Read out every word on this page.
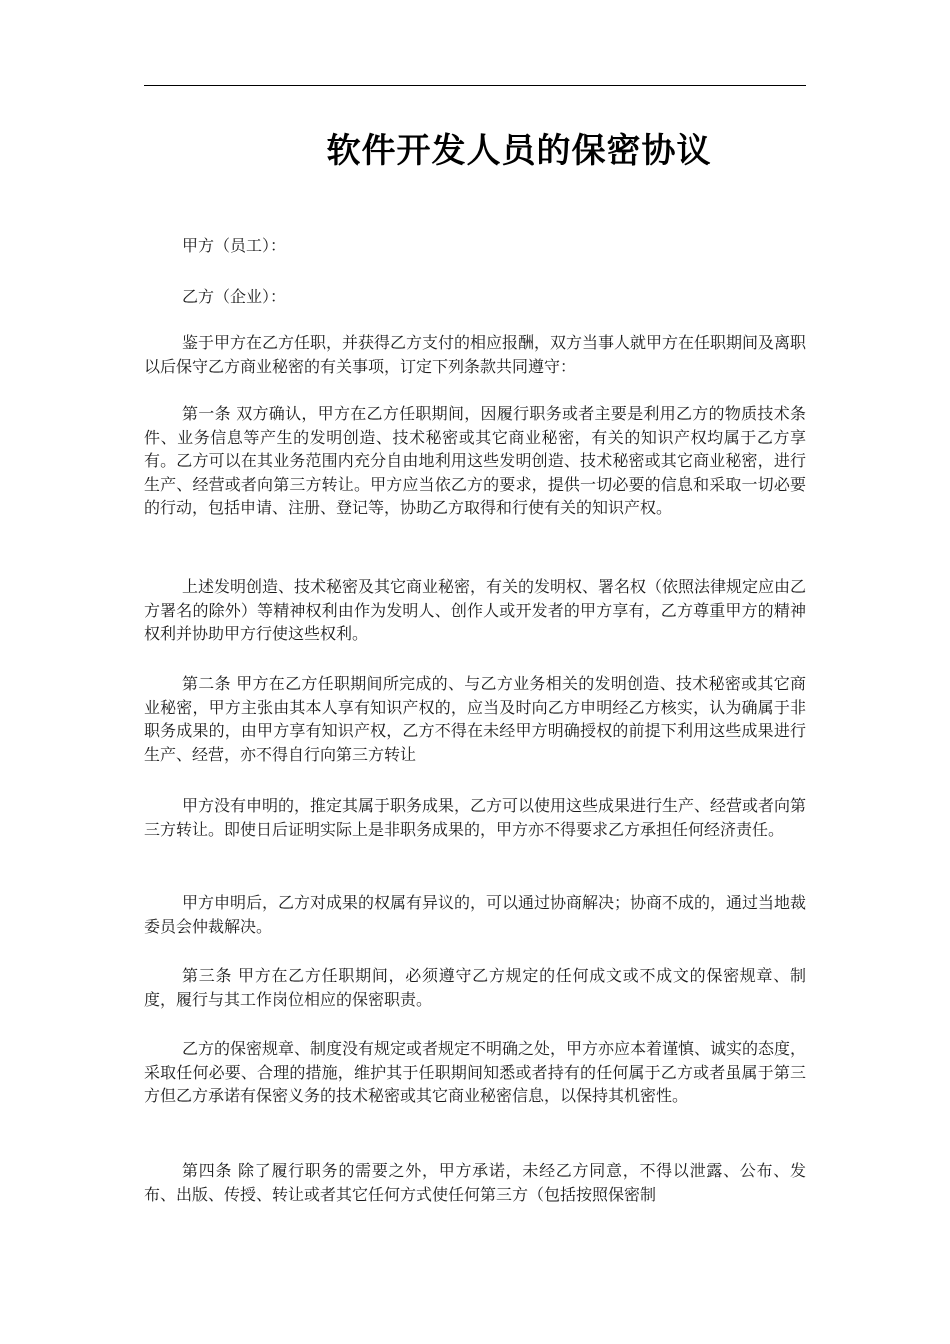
软件开发人员的保密协议

甲方（员工）：

乙方（企业）：

鉴于甲方在乙方任职，并获得乙方支付的相应报酬，双方当事人就甲方在任职期间及离职以后保守乙方商业秘密的有关事项，订定下列条款共同遵守：

第一条 双方确认，甲方在乙方任职期间，因履行职务或者主要是利用乙方的物质技术条件、业务信息等产生的发明创造、技术秘密或其它商业秘密，有关的知识产权均属于乙方享有。乙方可以在其业务范围内充分自由地利用这些发明创造、技术秘密或其它商业秘密，进行生产、经营或者向第三方转让。甲方应当依乙方的要求，提供一切必要的信息和采取一切必要的行动，包括申请、注册、登记等，协助乙方取得和行使有关的知识产权。

上述发明创造、技术秘密及其它商业秘密，有关的发明权、署名权（依照法律规定应由乙方署名的除外）等精神权利由作为发明人、创作人或开发者的甲方享有，乙方尊重甲方的精神权利并协助甲方行使这些权利。

第二条 甲方在乙方任职期间所完成的、与乙方业务相关的发明创造、技术秘密或其它商业秘密，甲方主张由其本人享有知识产权的，应当及时向乙方申明经乙方核实，认为确属于非职务成果的，由甲方享有知识产权，乙方不得在未经甲方明确授权的前提下利用这些成果进行生产、经营，亦不得自行向第三方转让

甲方没有申明的，推定其属于职务成果，乙方可以使用这些成果进行生产、经营或者向第三方转让。即使日后证明实际上是非职务成果的，甲方亦不得要求乙方承担任何经济责任。

甲方申明后，乙方对成果的权属有异议的，可以通过协商解决；协商不成的，通过当地裁委员会仲裁解决。

第三条 甲方在乙方任职期间，必须遵守乙方规定的任何成文或不成文的保密规章、制度，履行与其工作岗位相应的保密职责。

乙方的保密规章、制度没有规定或者规定不明确之处，甲方亦应本着谨慎、诚实的态度，采取任何必要、合理的措施，维护其于任职期间知悉或者持有的任何属于乙方或者虽属于第三方但乙方承诺有保密义务的技术秘密或其它商业秘密信息，以保持其机密性。

第四条 除了履行职务的需要之外，甲方承诺，未经乙方同意，不得以泄露、公布、发布、出版、传授、转让或者其它任何方式使任何第三方（包括按照保密制
